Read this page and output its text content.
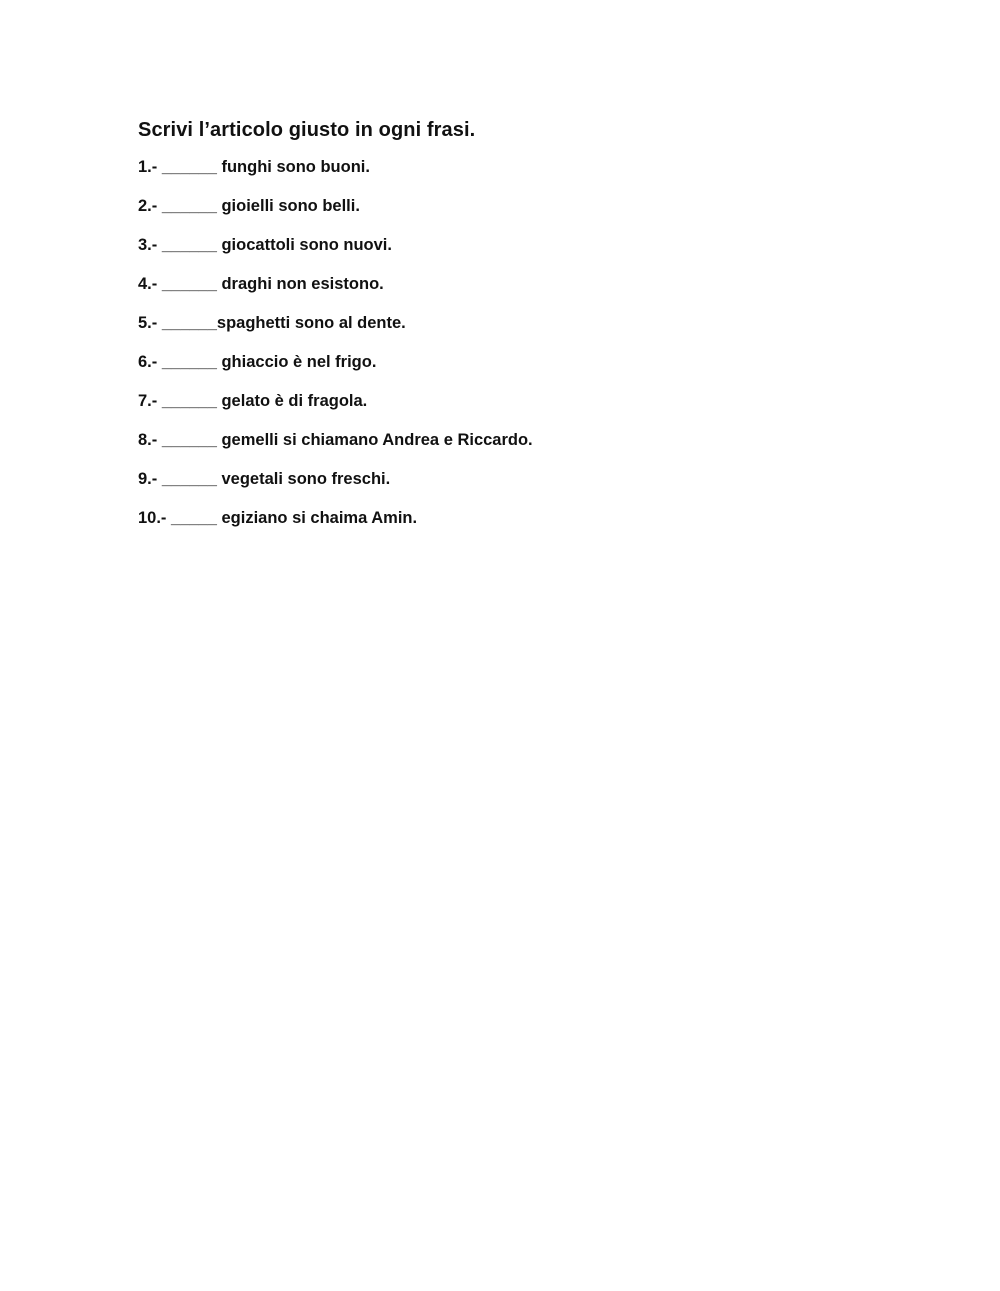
Scrivi l’articolo giusto in ogni frasi.
1.- ______ funghi sono buoni.
2.- ______ gioielli sono belli.
3.- ______ giocattoli sono nuovi.
4.- ______ draghi non esistono.
5.- ______spaghetti sono al dente.
6.- ______ ghiaccio è nel frigo.
7.- ______ gelato è di fragola.
8.- ______ gemelli si chiamano Andrea e Riccardo.
9.- ______ vegetali sono freschi.
10.- _____ egiziano si chaima Amin.
